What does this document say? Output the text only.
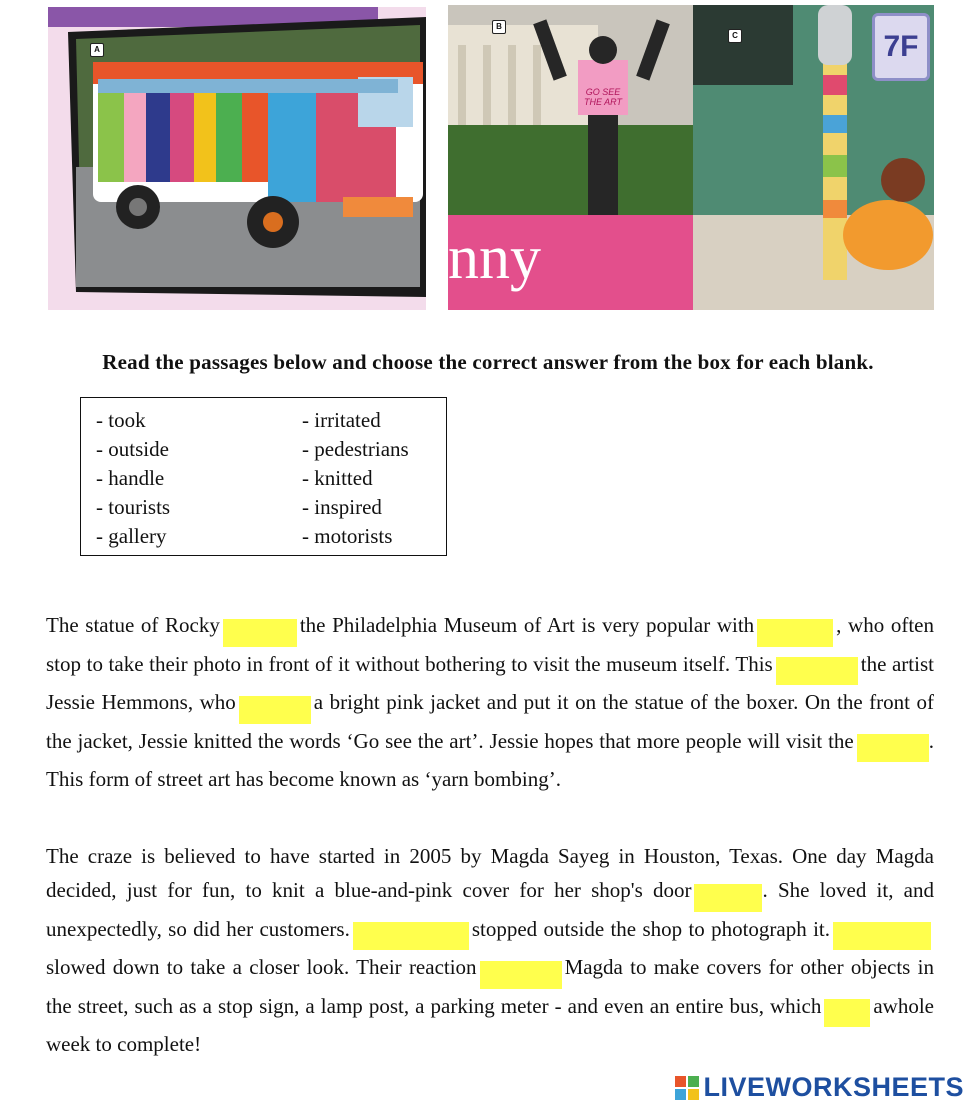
A
B
C
GO SEE THE ART
7F
nny
Read the passages below and choose the correct answer from the box for each blank.
- took
- outside
- handle
- tourists
- gallery
- irritated
- pedestrians
- knitted
- inspired
- motorists
The statue of Rocky	the Philadelphia Museum of Art is very popular with	, who often stop to take their photo in front of it without bothering to visit the museum itself. This	the artist Jessie Hemmons, who	a bright pink jacket and put it on the statue of the boxer. On the front of the jacket, Jessie knitted the words ‘Go see the art’. Jessie hopes that more people will visit the	. This form of street art has become known as ‘yarn bombing’.
The craze is believed to have started in 2005 by Magda Sayeg in Houston, Texas. One day Magda decided, just for fun, to knit a blue-and-pink cover for her shop's door	. She loved it, and unexpectedly, so did her customers.	stopped outside the shop to photograph it.slowed down to take a closer look. Their reaction	Magda to make covers for other objects in the street, such as a stop sign, a lamp post, a parking meter - and even an entire bus, which awhole week to complete!
LIVEWORKSHEETS
